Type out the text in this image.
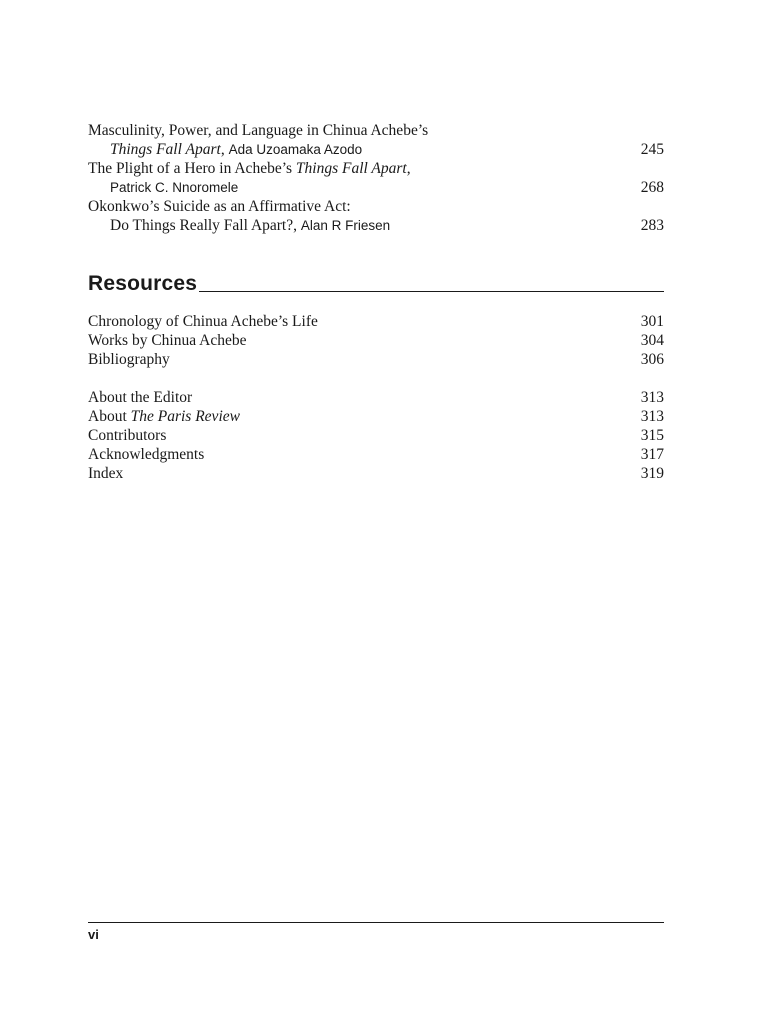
Masculinity, Power, and Language in Chinua Achebe’s
Things Fall Apart, Ada Uzoamaka Azodo	245
The Plight of a Hero in Achebe’s Things Fall Apart,
Patrick C. Nnoromele	268
Okonkwo’s Suicide as an Affirmative Act:
Do Things Really Fall Apart?, Alan R Friesen	283
Resources
Chronology of Chinua Achebe’s Life	301
Works by Chinua Achebe	304
Bibliography	306
About the Editor	313
About The Paris Review	313
Contributors	315
Acknowledgments	317
Index	319
vi
